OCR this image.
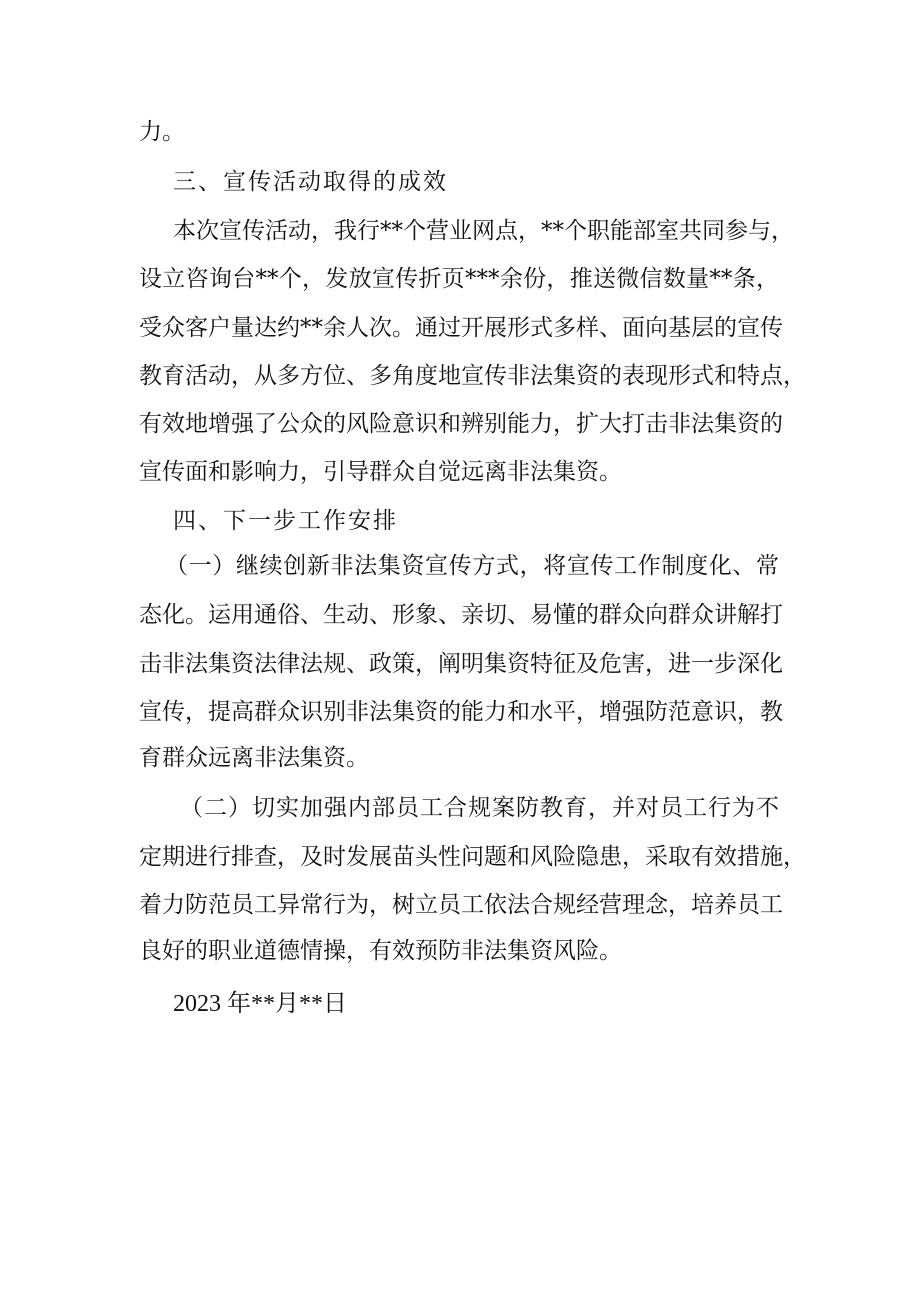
力。
三、宣传活动取得的成效
本次宣传活动，我行**个营业网点，**个职能部室共同参与，
设立咨询台**个，发放宣传折页***余份，推送微信数量**条，
受众客户量达约**余人次。通过开展形式多样、面向基层的宣传
教育活动，从多方位、多角度地宣传非法集资的表现形式和特点，
有效地增强了公众的风险意识和辨别能力，扩大打击非法集资的
宣传面和影响力，引导群众自觉远离非法集资。
四、下一步工作安排
（一）继续创新非法集资宣传方式，将宣传工作制度化、常
态化。运用通俗、生动、形象、亲切、易懂的群众向群众讲解打
击非法集资法律法规、政策，阐明集资特征及危害，进一步深化
宣传，提高群众识别非法集资的能力和水平，增强防范意识，教
育群众远离非法集资。
（二）切实加强内部员工合规案防教育，并对员工行为不
定期进行排查，及时发展苗头性问题和风险隐患，采取有效措施，
着力防范员工异常行为，树立员工依法合规经营理念，培养员工
良好的职业道德情操，有效预防非法集资风险。
2023 年**月**日
